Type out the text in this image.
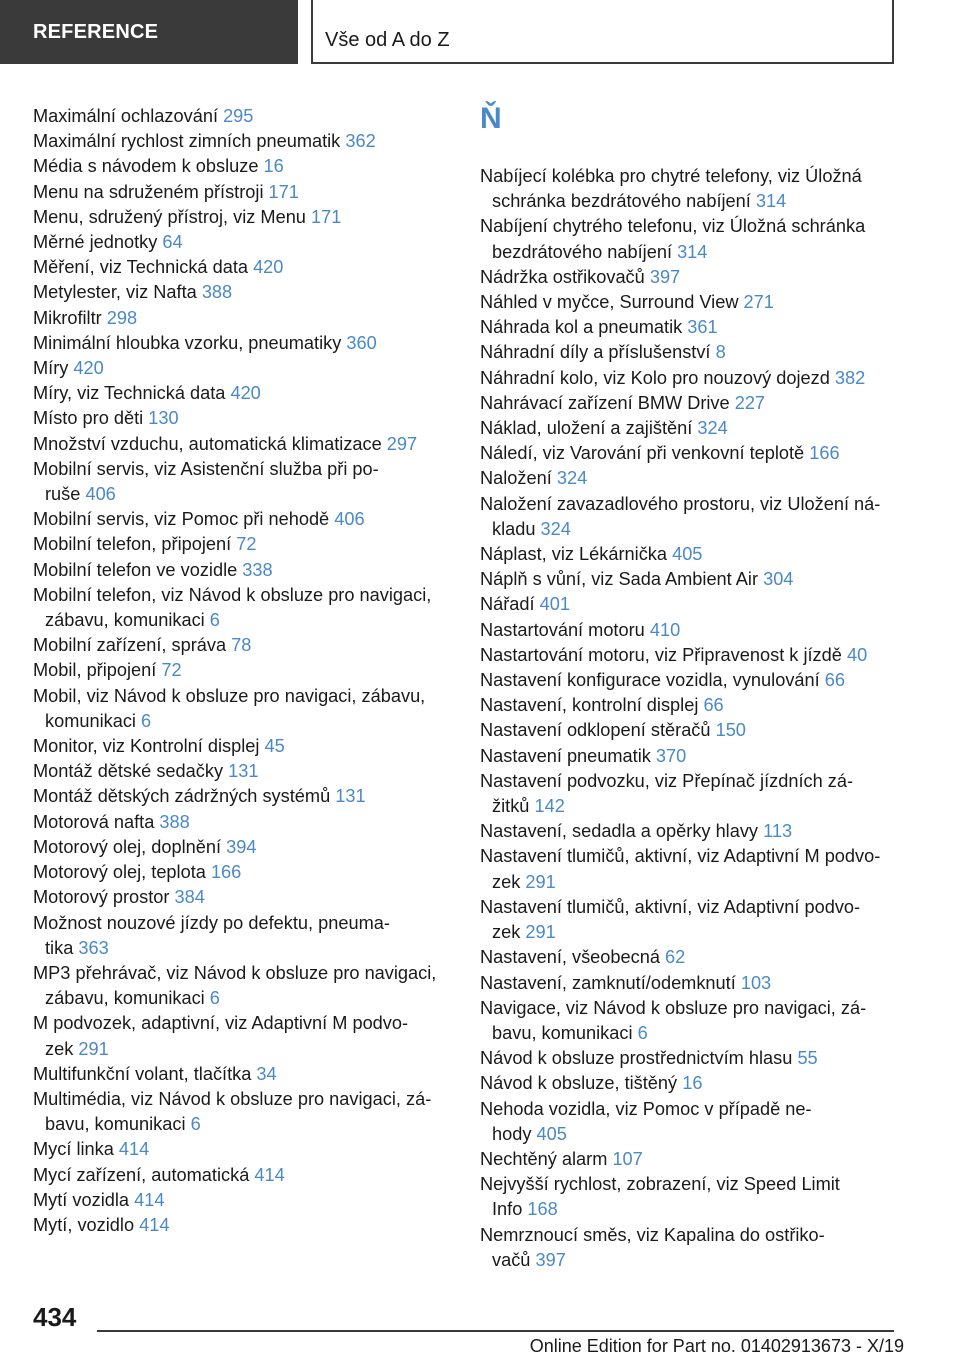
REFERENCE	Vše od A do Z
Maximální ochlazování 295
Maximální rychlost zimních pneumatik 362
Média s návodem k obsluze 16
Menu na sdruženém přístroji 171
Menu, sdružený přístroj, viz Menu 171
Měrné jednotky 64
Měření, viz Technická data 420
Metylester, viz Nafta 388
Mikrofiltr 298
Minimální hloubka vzorku, pneumatiky 360
Míry 420
Míry, viz Technická data 420
Místo pro děti 130
Množství vzduchu, automatická klimatizace 297
Mobilní servis, viz Asistenční služba při po-
ruše 406
Mobilní servis, viz Pomoc při nehodě 406
Mobilní telefon, připojení 72
Mobilní telefon ve vozidle 338
Mobilní telefon, viz Návod k obsluze pro navigaci,
zábavu, komunikaci 6
Mobilní zařízení, správa 78
Mobil, připojení 72
Mobil, viz Návod k obsluze pro navigaci, zábavu,
komunikaci 6
Monitor, viz Kontrolní displej 45
Montáž dětské sedačky 131
Montáž dětských zádržných systémů 131
Motorová nafta 388
Motorový olej, doplnění 394
Motorový olej, teplota 166
Motorový prostor 384
Možnost nouzové jízdy po defektu, pneuma-
tika 363
MP3 přehrávač, viz Návod k obsluze pro navigaci,
zábavu, komunikaci 6
M podvozek, adaptivní, viz Adaptivní M podvo-
zek 291
Multifunkční volant, tlačítka 34
Multimédia, viz Návod k obsluze pro navigaci, zá-
bavu, komunikaci 6
Mycí linka 414
Mycí zařízení, automatická 414
Mytí vozidla 414
Mytí, vozidlo 414
Ň
Nabíjecí kolébka pro chytré telefony, viz Úložná
schránka bezdrátového nabíjení 314
Nabíjení chytrého telefonu, viz Úložná schránka
bezdrátového nabíjení 314
Nádržka ostřikovačů 397
Náhled v myčce, Surround View 271
Náhrada kol a pneumatik 361
Náhradní díly a příslušenství 8
Náhradní kolo, viz Kolo pro nouzový dojezd 382
Nahrávací zařízení BMW Drive 227
Náklad, uložení a zajištění 324
Náledí, viz Varování při venkovní teplotě 166
Naložení 324
Naložení zavazadlového prostoru, viz Uložení ná-
kladu 324
Náplast, viz Lékárnička 405
Náplň s vůní, viz Sada Ambient Air 304
Nářadí 401
Nastartování motoru 410
Nastartování motoru, viz Připravenost k jízdě 40
Nastavení konfigurace vozidla, vynulování 66
Nastavení, kontrolní displej 66
Nastavení odklopení stěračů 150
Nastavení pneumatik 370
Nastavení podvozku, viz Přepínač jízdních zá-
žitků 142
Nastavení, sedadla a opěrky hlavy 113
Nastavení tlumičů, aktivní, viz Adaptivní M podvo-
zek 291
Nastavení tlumičů, aktivní, viz Adaptivní podvo-
zek 291
Nastavení, všeobecná 62
Nastavení, zamknutí/odemknutí 103
Navigace, viz Návod k obsluze pro navigaci, zá-
bavu, komunikaci 6
Návod k obsluze prostřednictvím hlasu 55
Návod k obsluze, tištěný 16
Nehoda vozidla, viz Pomoc v případě ne-
hody 405
Nechtěný alarm 107
Nejvyšší rychlost, zobrazení, viz Speed Limit
Info 168
Nemrznoucí směs, viz Kapalina do ostřiko-
vačů 397
434
Online Edition for Part no. 01402913673 - X/19
